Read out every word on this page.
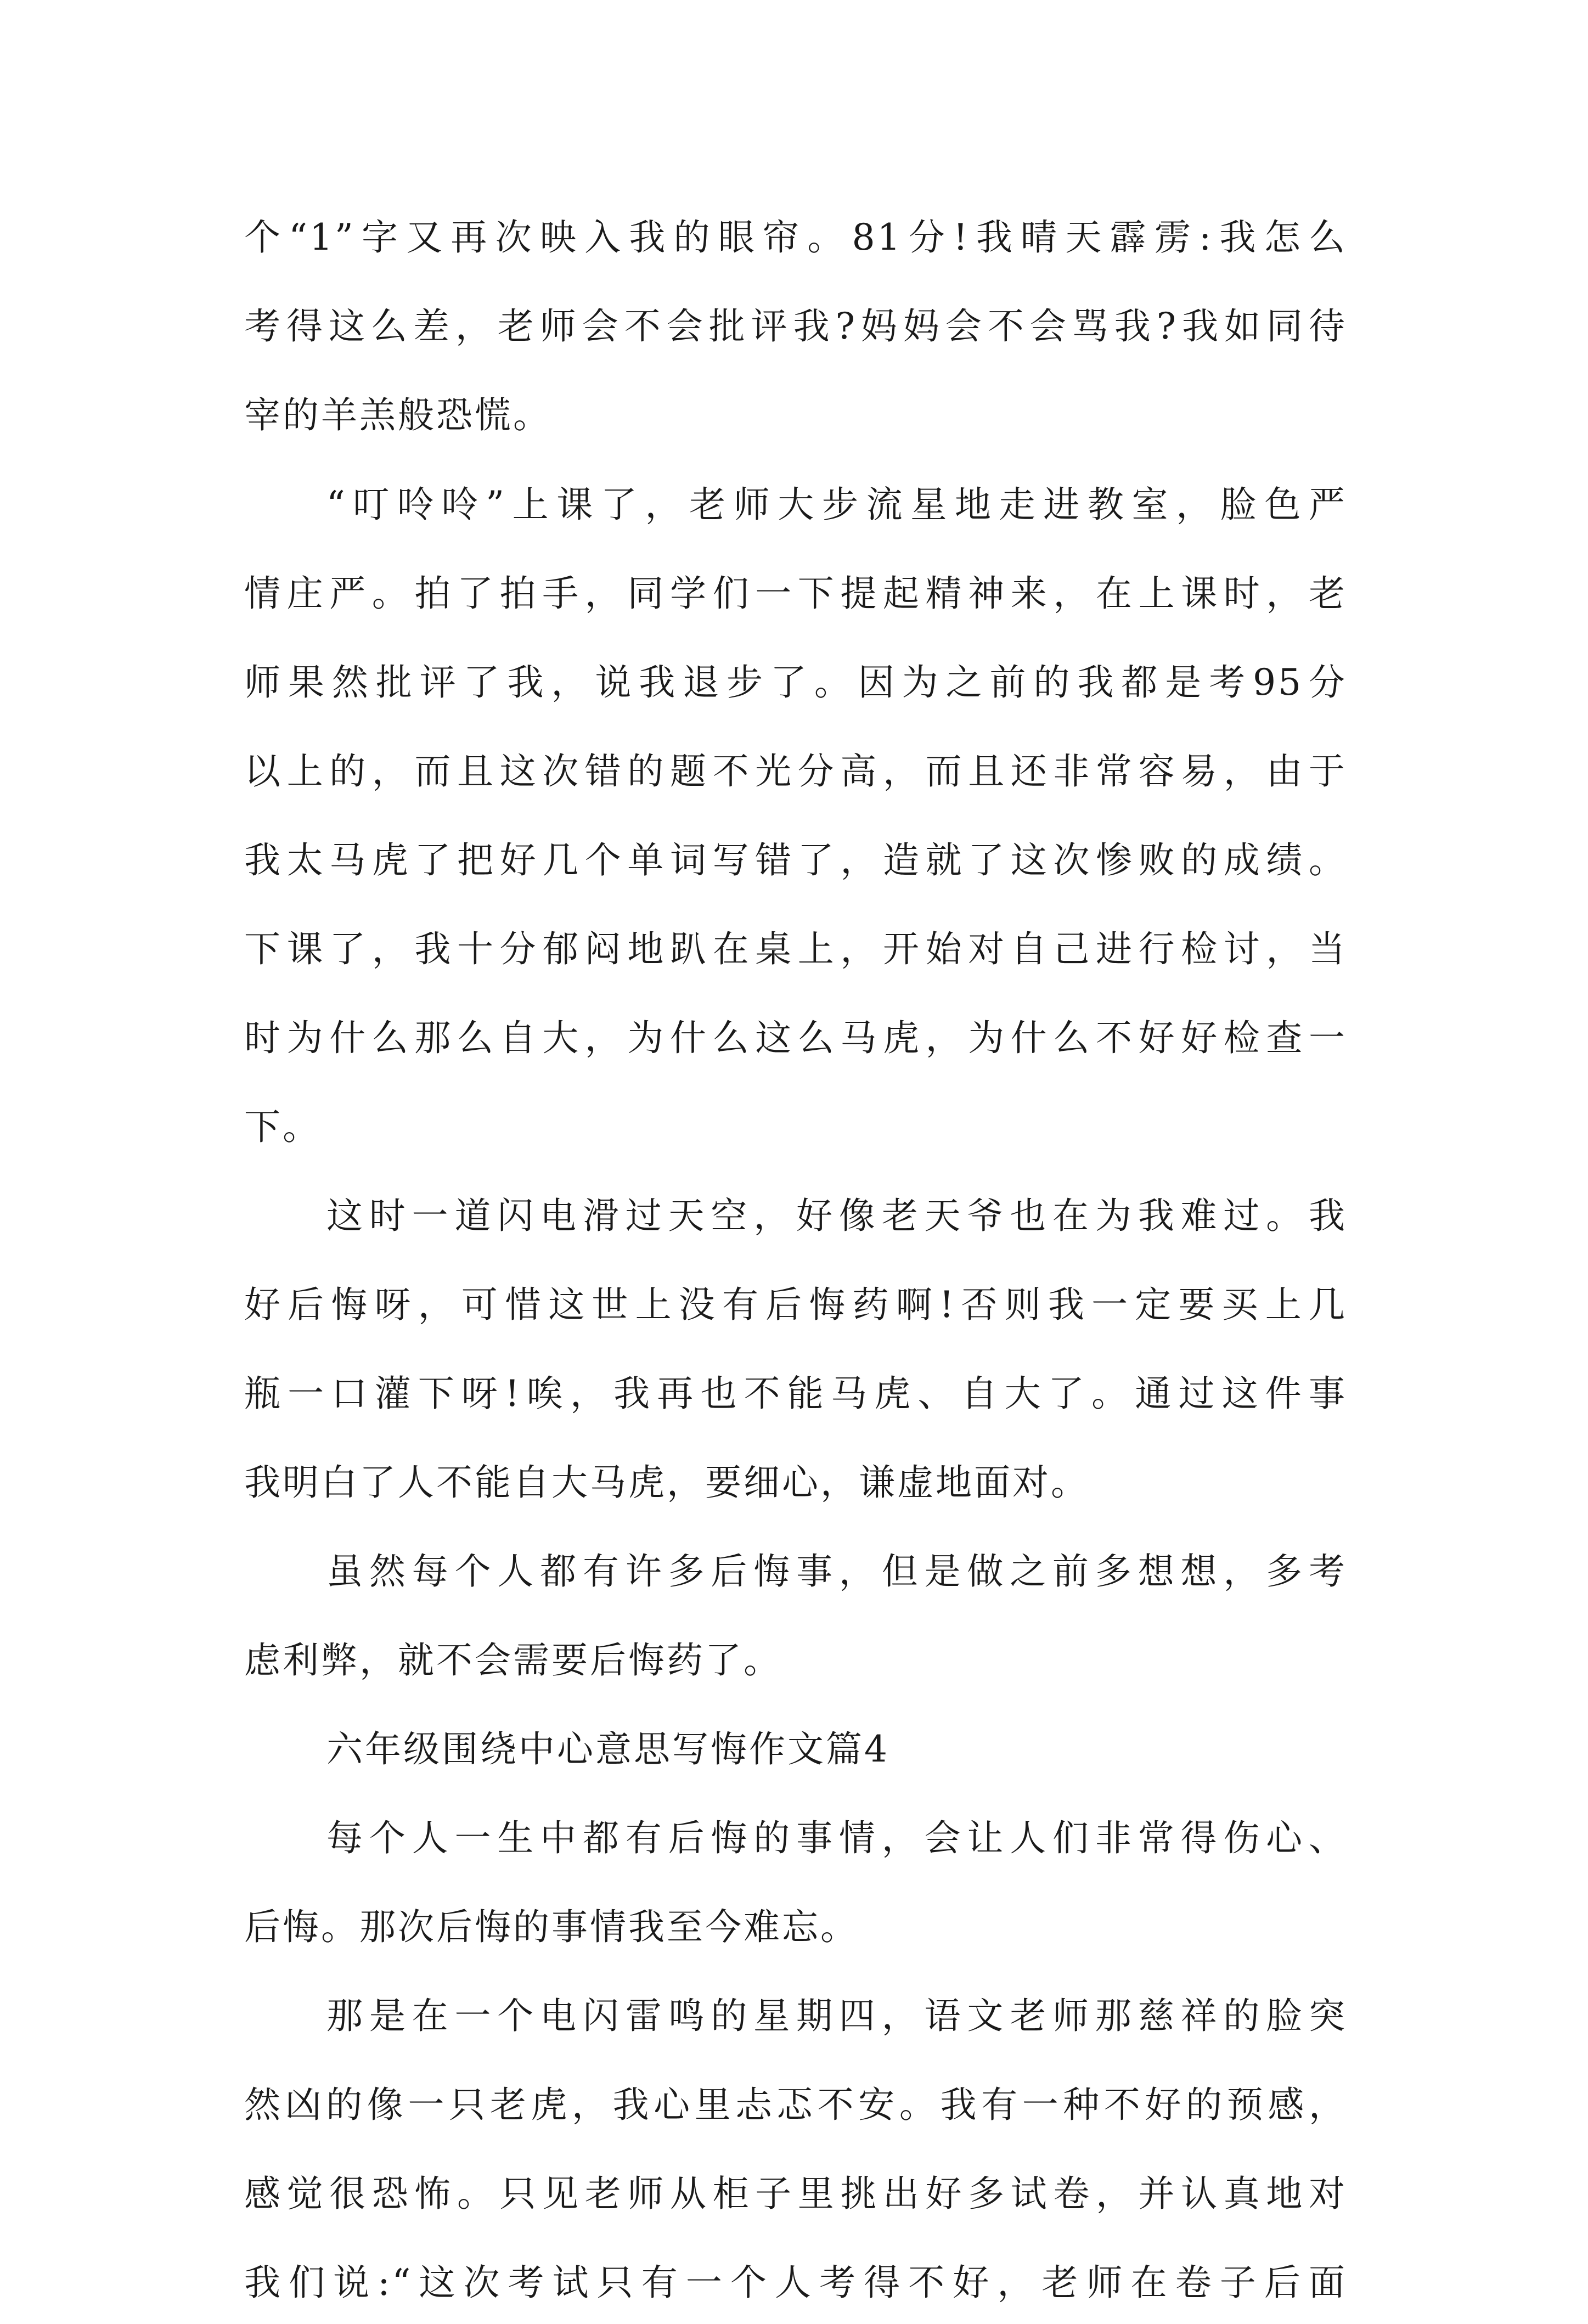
个“1”字又再次映入我的眼帘。81分!我晴天霹雳:我怎么
考得这么差，老师会不会批评我?妈妈会不会骂我?我如同待
宰的羊羔般恐慌。
“叮呤呤”上课了，老师大步流星地走进教室，脸色严
情庄严。拍了拍手，同学们一下提起精神来，在上课时，老
师果然批评了我，说我退步了。因为之前的我都是考95分
以上的，而且这次错的题不光分高，而且还非常容易，由于
我太马虎了把好几个单词写错了，造就了这次惨败的成绩。
下课了，我十分郁闷地趴在桌上，开始对自己进行检讨，当
时为什么那么自大，为什么这么马虎，为什么不好好检查一
下。
这时一道闪电滑过天空，好像老天爷也在为我难过。我
好后悔呀，可惜这世上没有后悔药啊!否则我一定要买上几
瓶一口灌下呀!唉，我再也不能马虎、自大了。通过这件事
我明白了人不能自大马虎，要细心，谦虚地面对。
虽然每个人都有许多后悔事，但是做之前多想想，多考
虑利弊，就不会需要后悔药了。
六年级围绕中心意思写悔作文篇4
每个人一生中都有后悔的事情，会让人们非常得伤心、
后悔。那次后悔的事情我至今难忘。
那是在一个电闪雷鸣的星期四，语文老师那慈祥的脸突
然凶的像一只老虎，我心里忐忑不安。我有一种不好的预感，
感觉很恐怖。只见老师从柜子里挑出好多试卷，并认真地对
我们说:“这次考试只有一个人考得不好，老师在卷子后面
